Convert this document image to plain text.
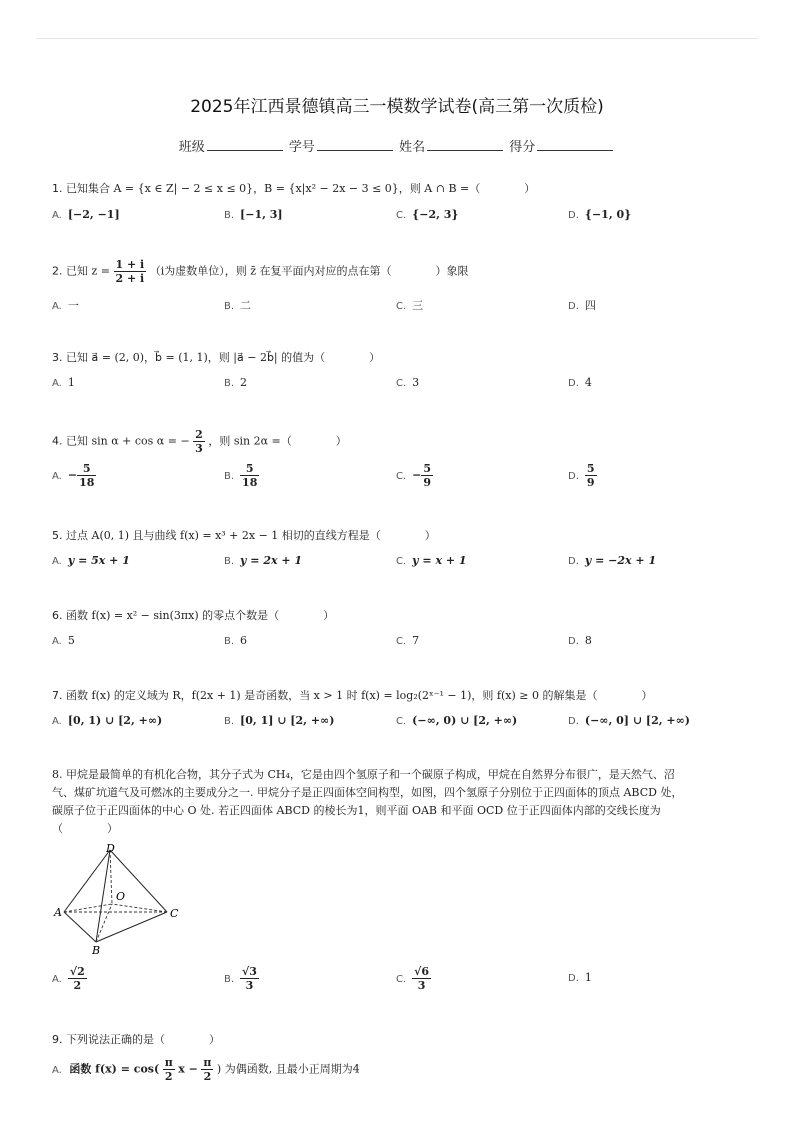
2025年江西景德镇高三一模数学试卷(高三第一次质检)
班级	学号	姓名	得分
1. 已知集合 A = {x ∈ Z| − 2 ≤ x ≤ 0}，B = {x|x² − 2x − 3 ≤ 0}，则 A ∩ B =（　　　　）
A. [−2, −1]	B. [−1, 3]	C. {−2, 3}	D. {−1, 0}
2. 已知 $z = \frac{1 + i}{2 + i} (i$为虚数单位），则 z̄ 在复平面内对应的点在第（　　　　）象限
A. 一	B. 二	C. 三	D. 四
3. 已知 a⃗ = (2, 0)，b⃗ = (1, 1)，则 |a⃗ − 2b⃗| 的值为（　　　　）
A. 1	B. 2	C. 3	D. 4
4. 已知 sin α + cos α = − $\frac{2}{3}$ ，则 sin 2α =（　　　　）
A. − $\frac{5}{18}$	B. $\frac{5}{18}$	C. − $\frac{5}{9}$	D. $\frac{5}{9}$
5. 过点 A(0, 1) 且与曲线 f(x) = x³ + 2x − 1 相切的直线方程是（　　　　）
A. y = 5x + 1	B. y = 2x + 1	C. y = x + 1	D. y = −2x + 1
6. 函数 f(x) = x² − sin(3πx) 的零点个数是（　　　　）
A. 5	B. 6	C. 7	D. 8
7. 函数 f(x) 的定义域为 R，f(2x + 1) 是奇函数，当 x > 1 时 f(x) = log₂(2ˣ⁻¹ − 1)，则 f(x) ≥ 0 的解集是（　　　　）
A. [0, 1) ∪ [2, +∞)	B. [0, 1] ∪ [2, +∞)	C. (−∞, 0) ∪ [2, +∞)	D. (−∞, 0] ∪ [2, +∞)
8. 甲烷是最简单的有机化合物，其分子式为 CH₄，它是由四个氢原子和一个碳原子构成，甲烷在自然界分布很广，是天然气、沼
气、煤矿坑道气及可燃冰的主要成分之一. 甲烷分子是正四面体空间构型，如图，四个氢原子分别位于正四面体的顶点 ABCD 处，
碳原子位于正四面体的中心 O 处. 若正四面体 ABCD 的棱长为1，则平面 OAB 和平面 OCD 位于正四面体内部的交线长度为
（　　　　）
D
A
B
C
O
A. $\frac{√2}{2}$	B. $\frac{√3}{3}$	C. $\frac{√6}{3}$	D. 1
9. 下列说法正确的是（　　　　）
A. 函数 $f(x) = \cos( \frac{\pi}{2}$ $x - \frac{\pi}{2}$ ) 为偶函数, 且最小正周期为4
